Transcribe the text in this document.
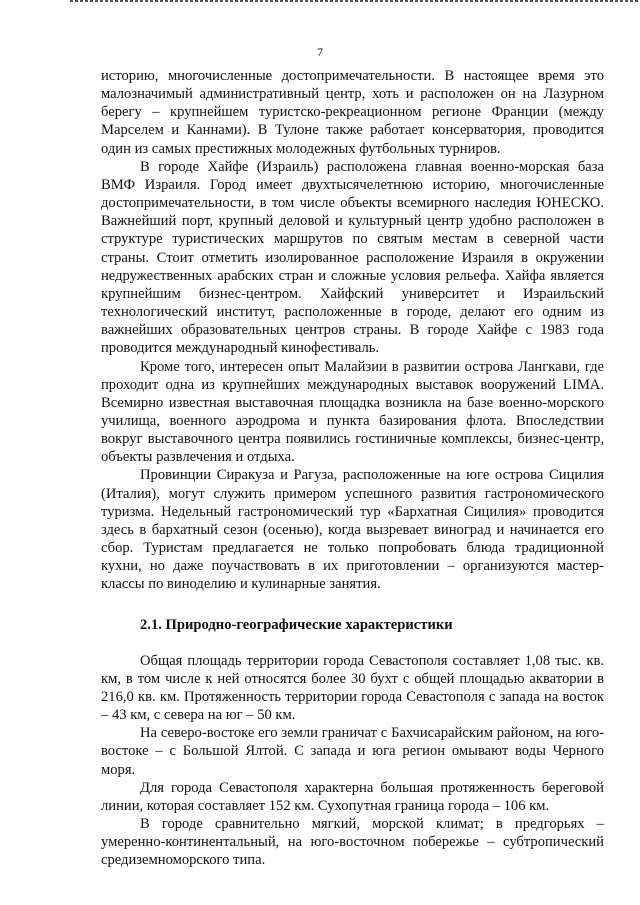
7

историю, многочисленные достопримечательности. В настоящее время это малозначимый административный центр, хоть и расположен он на Лазурном берегу – крупнейшем туристско-рекреационном регионе Франции (между Марселем и Каннами). В Тулоне также работает консерватория, проводится один из самых престижных молодежных футбольных турниров.

В городе Хайфе (Израиль) расположена главная военно-морская база ВМФ Израиля. Город имеет двухтысячелетнюю историю, многочисленные достопримечательности, в том числе объекты всемирного наследия ЮНЕСКО. Важнейший порт, крупный деловой и культурный центр удобно расположен в структуре туристических маршрутов по святым местам в северной части страны. Стоит отметить изолированное расположение Израиля в окружении недружественных арабских стран и сложные условия рельефа. Хайфа является крупнейшим бизнес-центром. Хайфский университет и Израильский технологический институт, расположенные в городе, делают его одним из важнейших образовательных центров страны. В городе Хайфе с 1983 года проводится международный кинофестиваль.

Кроме того, интересен опыт Малайзии в развитии острова Лангкави, где проходит одна из крупнейших международных выставок вооружений LIMA. Всемирно известная выставочная площадка возникла на базе военно-морского училища, военного аэродрома и пункта базирования флота. Впоследствии вокруг выставочного центра появились гостиничные комплексы, бизнес-центр, объекты развлечения и отдыха.

Провинции Сиракуза и Рагуза, расположенные на юге острова Сицилия (Италия), могут служить примером успешного развития гастрономического туризма. Недельный гастрономический тур «Бархатная Сицилия» проводится здесь в бархатный сезон (осенью), когда вызревает виноград и начинается его сбор. Туристам предлагается не только попробовать блюда традиционной кухни, но даже поучаствовать в их приготовлении – организуются мастер-классы по виноделию и кулинарные занятия.

2.1. Природно-географические характеристики

Общая площадь территории города Севастополя составляет 1,08 тыс. кв. км, в том числе к ней относятся более 30 бухт с общей площадью акватории в 216,0 кв. км. Протяженность территории города Севастополя с запада на восток – 43 км, с севера на юг – 50 км.

На северо-востоке его земли граничат с Бахчисарайским районом, на юго-востоке – с Большой Ялтой. С запада и юга регион омывают воды Черного моря.

Для города Севастополя характерна большая протяженность береговой линии, которая составляет 152 км. Сухопутная граница города – 106 км.

В городе сравнительно мягкий, морской климат; в предгорьях – умеренно-континентальный, на юго-восточном побережье – субтропический средиземноморского типа.
